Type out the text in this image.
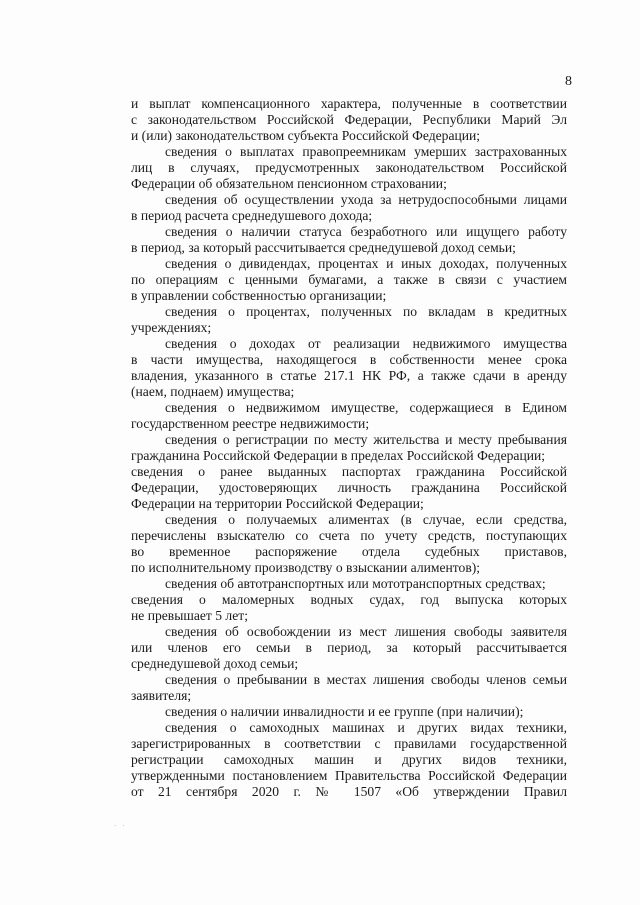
8
и выплат компенсационного характера, полученные в соответствии
с законодательством Российской Федерации, Республики Марий Эл
и (или) законодательством субъекта Российской Федерации;
сведения о выплатах правопреемникам умерших застрахованных
лиц в случаях, предусмотренных законодательством Российской
Федерации об обязательном пенсионном страховании;
сведения об осуществлении ухода за нетрудоспособными лицами
в период расчета среднедушевого дохода;
сведения о наличии статуса безработного или ищущего работу
в период, за который рассчитывается среднедушевой доход семьи;
сведения о дивидендах, процентах и иных доходах, полученных
по операциям с ценными бумагами, а также в связи с участием
в управлении собственностью организации;
сведения о процентах, полученных по вкладам в кредитных
учреждениях;
сведения о доходах от реализации недвижимого имущества
в части имущества, находящегося в собственности менее срока
владения, указанного в статье 217.1 НК РФ, а также сдачи в аренду
(наем, поднаем) имущества;
сведения о недвижимом имуществе, содержащиеся в Едином
государственном реестре недвижимости;
сведения о регистрации по месту жительства и месту пребывания
гражданина Российской Федерации в пределах Российской Федерации;
сведения о ранее выданных паспортах гражданина Российской
Федерации, удостоверяющих личность гражданина Российской
Федерации на территории Российской Федерации;
сведения о получаемых алиментах (в случае, если средства,
перечислены взыскателю со счета по учету средств, поступающих
во временное распоряжение отдела судебных приставов,
по исполнительному производству о взыскании алиментов);
сведения об автотранспортных или мототранспортных средствах;
сведения о маломерных водных судах, год выпуска которых
не превышает 5 лет;
сведения об освобождении из мест лишения свободы заявителя
или членов его семьи в период, за который рассчитывается
среднедушевой доход семьи;
сведения о пребывании в местах лишения свободы членов семьи
заявителя;
сведения о наличии инвалидности и ее группе (при наличии);
сведения о самоходных машинах и других видах техники,
зарегистрированных в соответствии с правилами государственной
регистрации самоходных машин и других видов техники,
утвержденными постановлением Правительства Российской Федерации
от 21 сентября 2020 г. № 1507 «Об утверждении Правил
· ·
